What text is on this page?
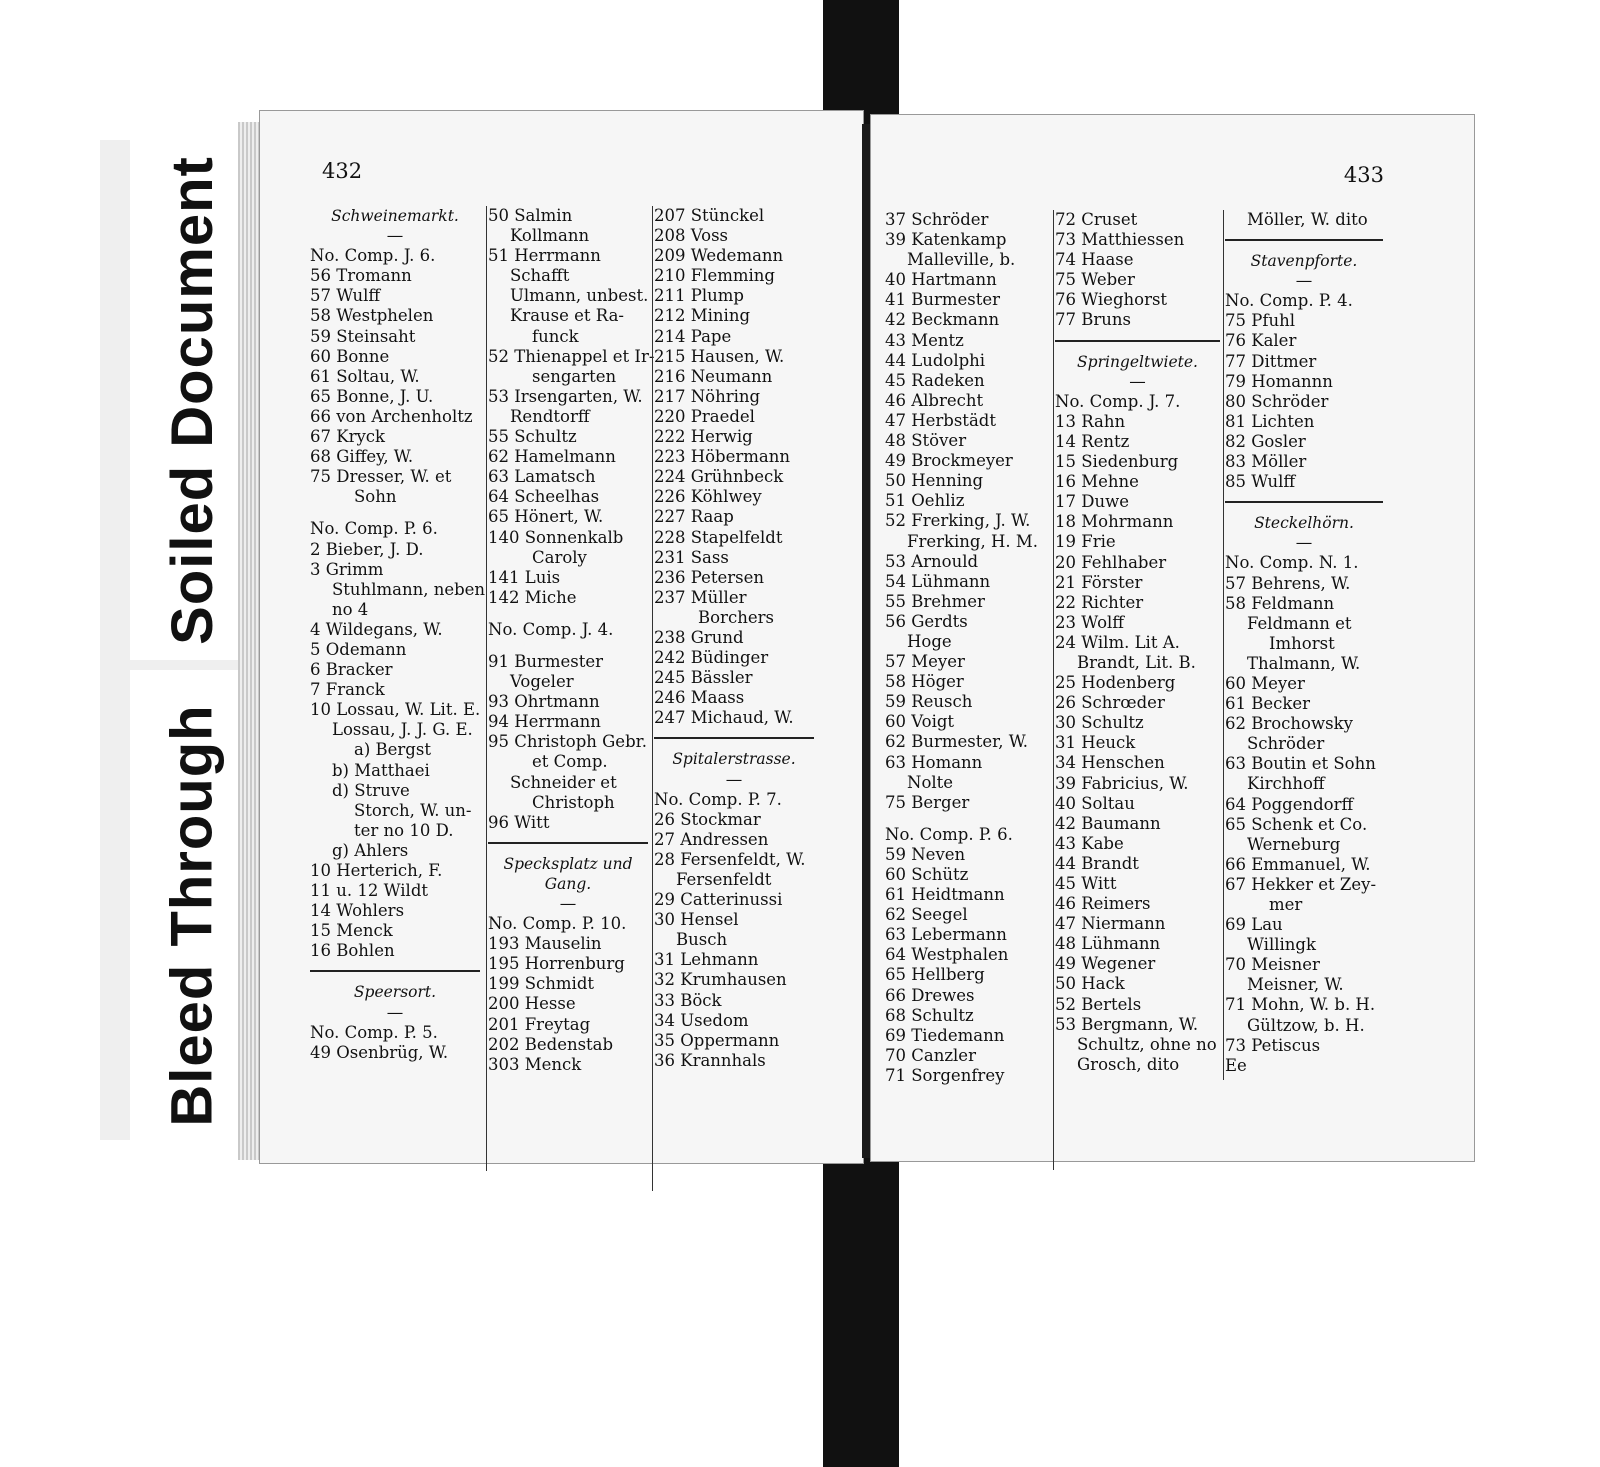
Soiled Document
Bleed Through
432
Schweinemarkt.
—
No. Comp. J. 6.
56 Tromann
57 Wulff
58 Westphelen
59 Steinsaht
60 Bonne
61 Soltau, W.
65 Bonne, J. U.
66 von Archenholtz
67 Kryck
68 Giffey, W.
75 Dresser, W. et
Sohn
No. Comp. P. 6.
2 Bieber, J. D.
3 Grimm
Stuhlmann, neben
no 4
4 Wildegans, W.
5 Odemann
6 Bracker
7 Franck
10 Lossau, W. Lit. E.
Lossau, J. J. G. E.
a) Bergst
b) Matthaei
d) Struve
Storch, W. un-
ter no 10 D.
g) Ahlers
10 Herterich, F.
11 u. 12 Wildt
14 Wohlers
15 Menck
16 Bohlen
Speersort.
—
No. Comp. P. 5.
49 Osenbrüg, W.
50 Salmin
Kollmann
51 Herrmann
Schafft
Ulmann, unbest.
Krause et Ra-
funck
52 Thienappel et Ir-
sengarten
53 Irsengarten, W.
Rendtorff
55 Schultz
62 Hamelmann
63 Lamatsch
64 Scheelhas
65 Hönert, W.
140 Sonnenkalb
Caroly
141 Luis
142 Miche
No. Comp. J. 4.
91 Burmester
Vogeler
93 Ohrtmann
94 Herrmann
95 Christoph Gebr.
et Comp.
Schneider et
Christoph
96 Witt
Specksplatz und
Gang.
—
No. Comp. P. 10.
193 Mauselin
195 Horrenburg
199 Schmidt
200 Hesse
201 Freytag
202 Bedenstab
303 Menck
207 Stünckel
208 Voss
209 Wedemann
210 Flemming
211 Plump
212 Mining
214 Pape
215 Hausen, W.
216 Neumann
217 Nöhring
220 Praedel
222 Herwig
223 Höbermann
224 Grühnbeck
226 Köhlwey
227 Raap
228 Stapelfeldt
231 Sass
236 Petersen
237 Müller
Borchers
238 Grund
242 Büdinger
245 Bässler
246 Maass
247 Michaud, W.
Spitalerstrasse.
—
No. Comp. P. 7.
26 Stockmar
27 Andressen
28 Fersenfeldt, W.
Fersenfeldt
29 Catterinussi
30 Hensel
Busch
31 Lehmann
32 Krumhausen
33 Böck
34 Usedom
35 Oppermann
36 Krannhals
433
37 Schröder
39 Katenkamp
Malleville, b.
40 Hartmann
41 Burmester
42 Beckmann
43 Mentz
44 Ludolphi
45 Radeken
46 Albrecht
47 Herbstädt
48 Stöver
49 Brockmeyer
50 Henning
51 Oehliz
52 Frerking, J. W.
Frerking, H. M.
53 Arnould
54 Lühmann
55 Brehmer
56 Gerdts
Hoge
57 Meyer
58 Höger
59 Reusch
60 Voigt
62 Burmester, W.
63 Homann
Nolte
75 Berger
No. Comp. P. 6.
59 Neven
60 Schütz
61 Heidtmann
62 Seegel
63 Lebermann
64 Westphalen
65 Hellberg
66 Drewes
68 Schultz
69 Tiedemann
70 Canzler
71 Sorgenfrey
72 Cruset
73 Matthiessen
74 Haase
75 Weber
76 Wieghorst
77 Bruns
Springeltwiete.
—
No. Comp. J. 7.
13 Rahn
14 Rentz
15 Siedenburg
16 Mehne
17 Duwe
18 Mohrmann
19 Frie
20 Fehlhaber
21 Förster
22 Richter
23 Wolff
24 Wilm. Lit A.
Brandt, Lit. B.
25 Hodenberg
26 Schrœder
30 Schultz
31 Heuck
34 Henschen
39 Fabricius, W.
40 Soltau
42 Baumann
43 Kabe
44 Brandt
45 Witt
46 Reimers
47 Niermann
48 Lühmann
49 Wegener
50 Hack
52 Bertels
53 Bergmann, W.
Schultz, ohne no
Grosch, dito
Möller, W. dito
Stavenpforte.
—
No. Comp. P. 4.
75 Pfuhl
76 Kaler
77 Dittmer
79 Homannn
80 Schröder
81 Lichten
82 Gosler
83 Möller
85 Wulff
Steckelhörn.
—
No. Comp. N. 1.
57 Behrens, W.
58 Feldmann
Feldmann et
Imhorst
Thalmann, W.
60 Meyer
61 Becker
62 Brochowsky
Schröder
63 Boutin et Sohn
Kirchhoff
64 Poggendorff
65 Schenk et Co.
Werneburg
66 Emmanuel, W.
67 Hekker et Zey-
mer
69 Lau
Willingk
70 Meisner
Meisner, W.
71 Mohn, W. b. H.
Gültzow, b. H.
73 Petiscus
Ee
